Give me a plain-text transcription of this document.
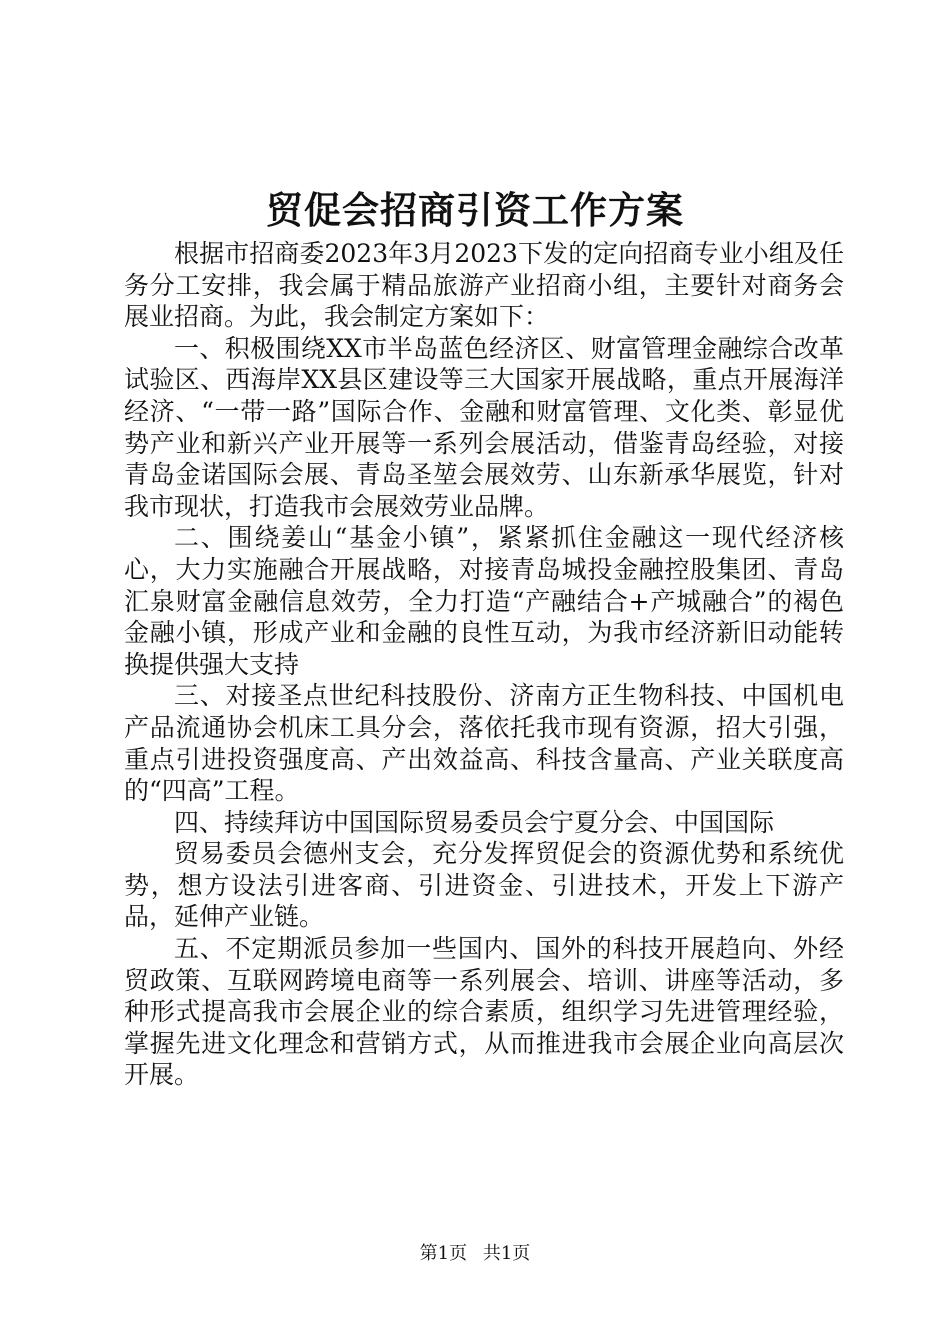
贸促会招商引资工作方案

根据市招商委2023年3月2023下发的定向招商专业小组及任务分工安排，我会属于精品旅游产业招商小组，主要针对商务会展业招商。为此，我会制定方案如下：

一、积极围绕XX市半岛蓝色经济区、财富管理金融综合改革试验区、西海岸XX县区建设等三大国家开展战略，重点开展海洋经济、“一带一路”国际合作、金融和财富管理、文化类、彰显优势产业和新兴产业开展等一系列会展活动，借鉴青岛经验，对接青岛金诺国际会展、青岛圣堃会展效劳、山东新承华展览，针对我市现状，打造我市会展效劳业品牌。

二、围绕姜山“基金小镇”，紧紧抓住金融这一现代经济核心，大力实施融合开展战略，对接青岛城投金融控股集团、青岛汇泉财富金融信息效劳，全力打造“产融结合+产城融合”的褐色金融小镇，形成产业和金融的良性互动，为我市经济新旧动能转换提供强大支持

三、对接圣点世纪科技股份、济南方正生物科技、中国机电产品流通协会机床工具分会，落依托我市现有资源，招大引强，重点引进投资强度高、产出效益高、科技含量高、产业关联度高的“四高”工程。

四、持续拜访中国国际贸易委员会宁夏分会、中国国际

贸易委员会德州支会，充分发挥贸促会的资源优势和系统优势，想方设法引进客商、引进资金、引进技术，开发上下游产品，延伸产业链。

五、不定期派员参加一些国内、国外的科技开展趋向、外经贸政策、互联网跨境电商等一系列展会、培训、讲座等活动，多种形式提高我市会展企业的综合素质，组织学习先进管理经验，掌握先进文化理念和营销方式，从而推进我市会展企业向高层次开展。

第1页 共1页
